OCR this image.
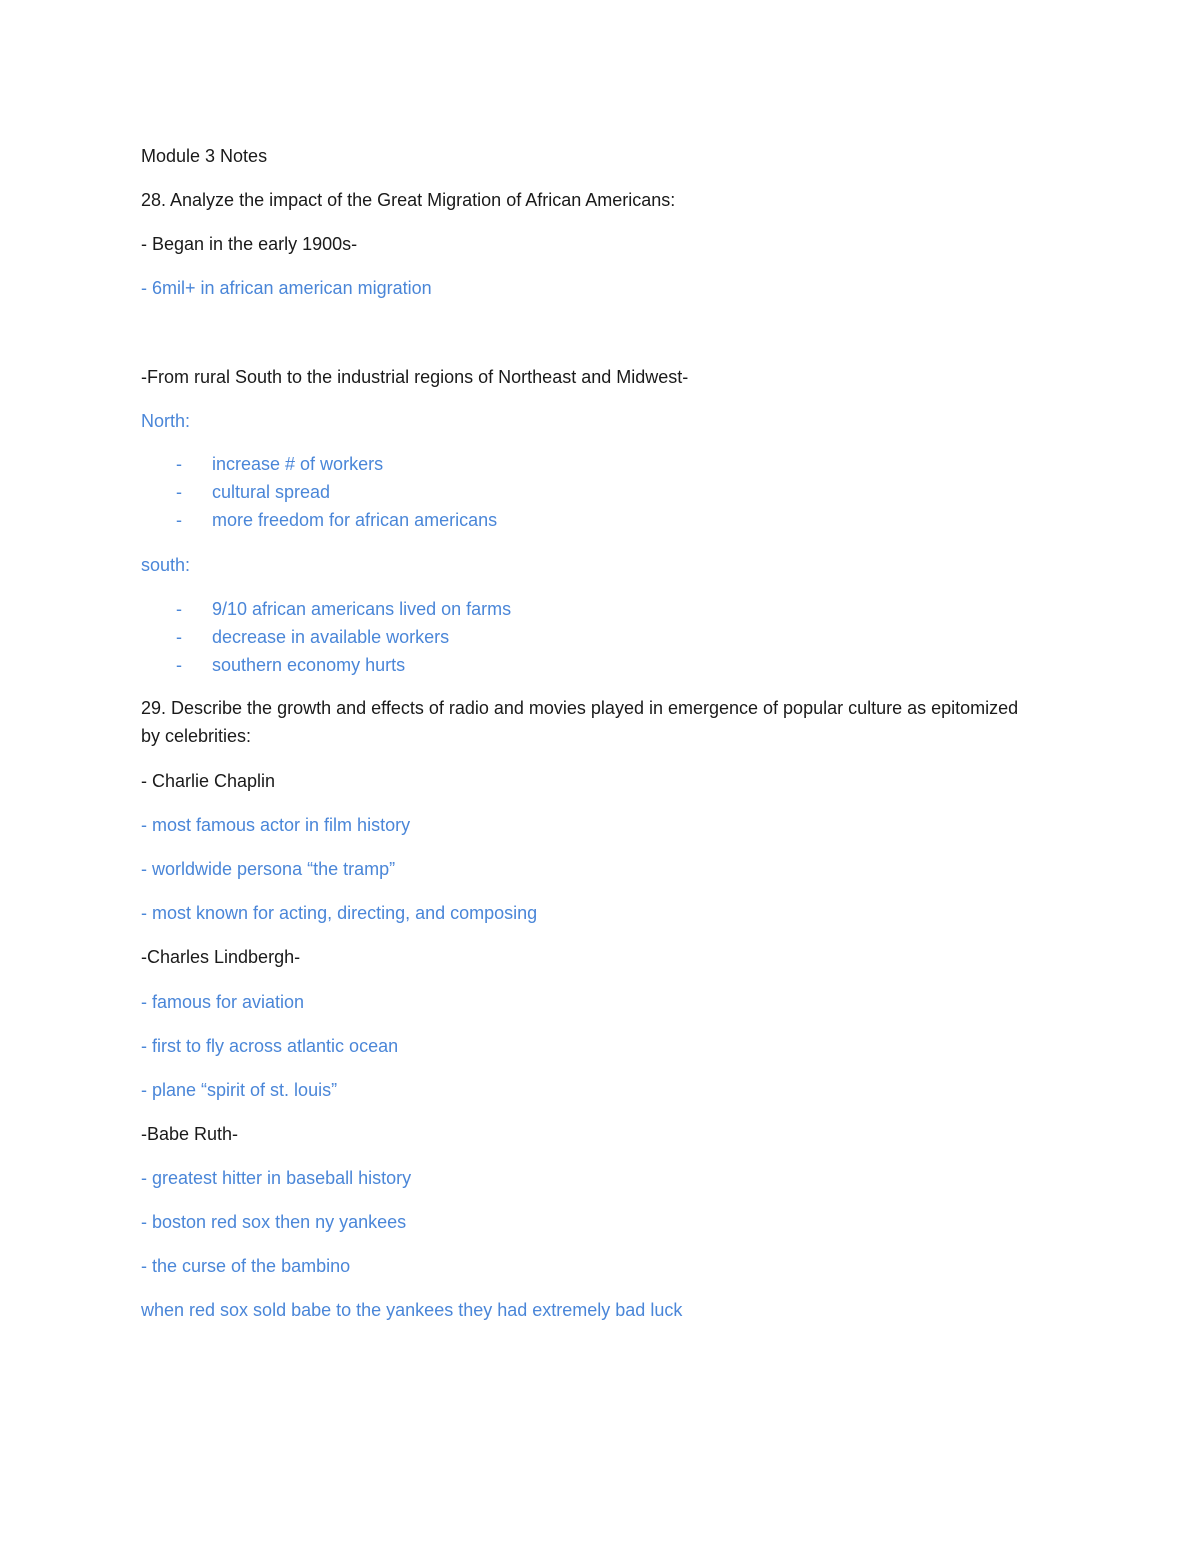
Module 3 Notes
28. Analyze the impact of the Great Migration of African Americans:
- Began in the early 1900s-
- 6mil+ in african american migration
-From rural South to the industrial regions of Northeast and Midwest-
North:
- increase # of workers
- cultural spread
- more freedom for african americans
south:
- 9/10 african americans lived on farms
- decrease in available workers
- southern economy hurts
29. Describe the growth and effects of radio and movies played in emergence of popular culture as epitomized by celebrities:
- Charlie Chaplin
- most famous actor in film history
- worldwide persona “the tramp”
- most known for acting, directing, and composing
-Charles Lindbergh-
- famous for aviation
- first to fly across atlantic ocean
- plane “spirit of st. louis”
-Babe Ruth-
- greatest hitter in baseball history
- boston red sox then ny yankees
- the curse of the bambino
when red sox sold babe to the yankees they had extremely bad luck
